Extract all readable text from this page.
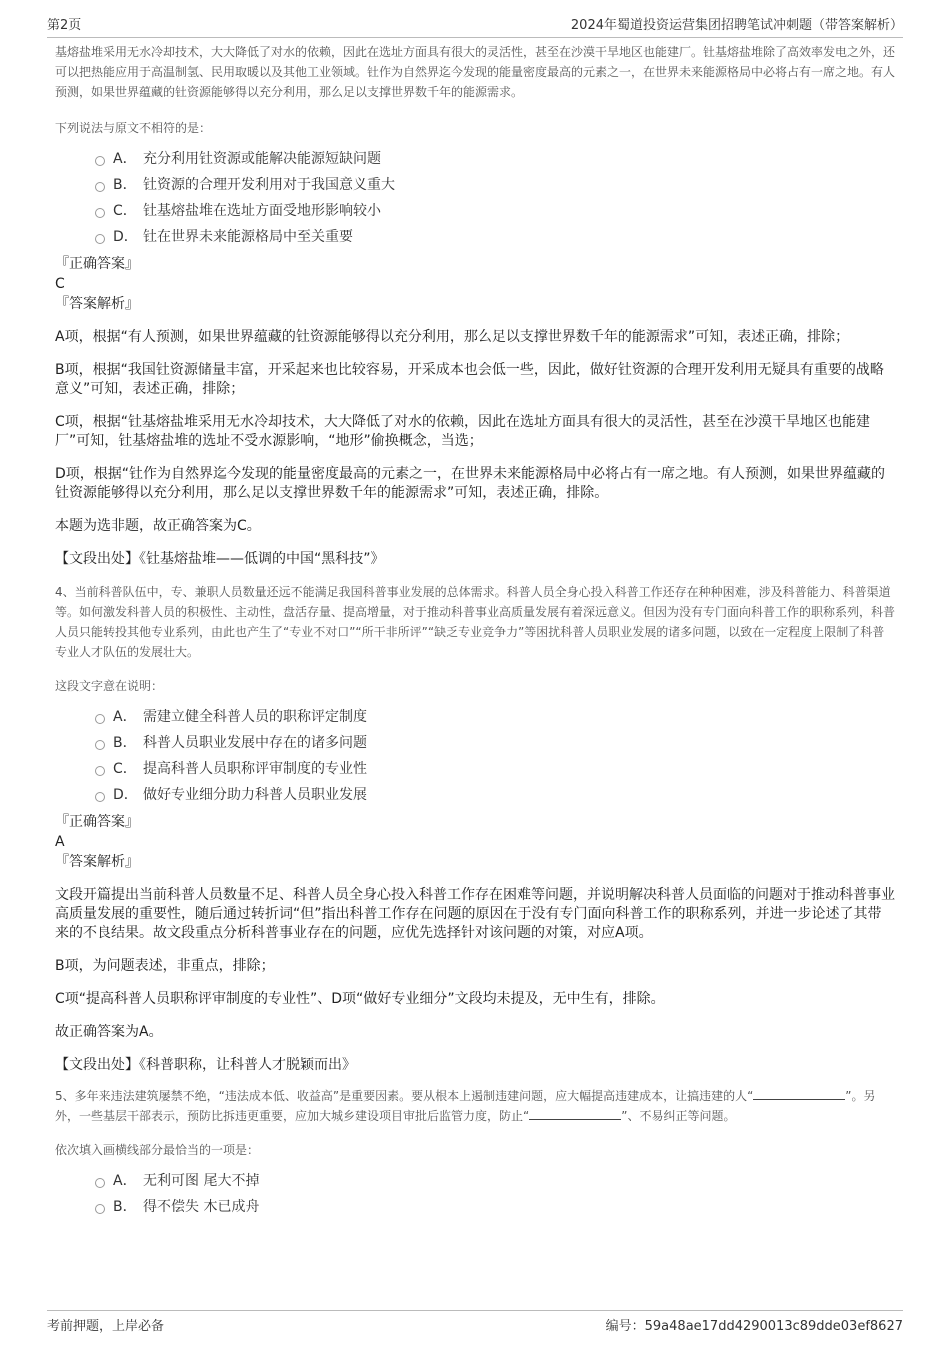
第2页	2024年蜀道投资运营集团招聘笔试冲刺题（带答案解析）

基熔盐堆采用无水冷却技术，大大降低了对水的依赖，因此在选址方面具有很大的灵活性，甚至在沙漠干旱地区也能建厂。钍基熔盐堆除了高效率发电之外，还可以把热能应用于高温制氢、民用取暖以及其他工业领域。钍作为自然界迄今发现的能量密度最高的元素之一，在世界未来能源格局中必将占有一席之地。有人预测，如果世界蕴藏的钍资源能够得以充分利用，那么足以支撑世界数千年的能源需求。

下列说法与原文不相符的是：

A． 充分利用钍资源或能解决能源短缺问题
B． 钍资源的合理开发利用对于我国意义重大
C． 钍基熔盐堆在选址方面受地形影响较小
D． 钍在世界未来能源格局中至关重要

『正确答案』

C

『答案解析』

A项，根据“有人预测，如果世界蕴藏的钍资源能够得以充分利用，那么足以支撑世界数千年的能源需求”可知，表述正确，排除；

B项，根据“我国钍资源储量丰富，开采起来也比较容易，开采成本也会低一些，因此，做好钍资源的合理开发利用无疑具有重要的战略意义”可知，表述正确，排除；

C项，根据“钍基熔盐堆采用无水冷却技术，大大降低了对水的依赖，因此在选址方面具有很大的灵活性，甚至在沙漠干旱地区也能建厂”可知，钍基熔盐堆的选址不受水源影响，“地形”偷换概念，当选；

D项，根据“钍作为自然界迄今发现的能量密度最高的元素之一，在世界未来能源格局中必将占有一席之地。有人预测，如果世界蕴藏的钍资源能够得以充分利用，那么足以支撑世界数千年的能源需求”可知，表述正确，排除。

本题为选非题，故正确答案为C。

【文段出处】《钍基熔盐堆——低调的中国“黑科技”》

4、当前科普队伍中，专、兼职人员数量还远不能满足我国科普事业发展的总体需求。科普人员全身心投入科普工作还存在种种困难，涉及科普能力、科普渠道等。如何激发科普人员的积极性、主动性，盘活存量、提高增量，对于推动科普事业高质量发展有着深远意义。但因为没有专门面向科普工作的职称系列，科普人员只能转投其他专业系列，由此也产生了“专业不对口”“所干非所评”“缺乏专业竞争力”等困扰科普人员职业发展的诸多问题，以致在一定程度上限制了科普专业人才队伍的发展壮大。

这段文字意在说明：

A． 需建立健全科普人员的职称评定制度
B． 科普人员职业发展中存在的诸多问题
C． 提高科普人员职称评审制度的专业性
D． 做好专业细分助力科普人员职业发展

『正确答案』

A

『答案解析』

文段开篇提出当前科普人员数量不足、科普人员全身心投入科普工作存在困难等问题，并说明解决科普人员面临的问题对于推动科普事业高质量发展的重要性，随后通过转折词“但”指出科普工作存在问题的原因在于没有专门面向科普工作的职称系列，并进一步论述了其带来的不良结果。故文段重点分析科普事业存在的问题，应优先选择针对该问题的对策，对应A项。

B项，为问题表述，非重点，排除；

C项“提高科普人员职称评审制度的专业性”、D项“做好专业细分”文段均未提及，无中生有，排除。

故正确答案为A。

【文段出处】《科普职称，让科普人才脱颖而出》

5、多年来违法建筑屡禁不绝，“违法成本低、收益高”是重要因素。要从根本上遏制违建问题，应大幅提高违建成本，让搞违建的人“	”。另外，一些基层干部表示，预防比拆违更重要，应加大城乡建设项目审批后监管力度，防止“	”、不易纠正等问题。

依次填入画横线部分最恰当的一项是：

A． 无利可图 尾大不掉
B． 得不偿失 木已成舟
考前押题，上岸必备	编号：59a48ae17dd4290013c89dde03ef8627
